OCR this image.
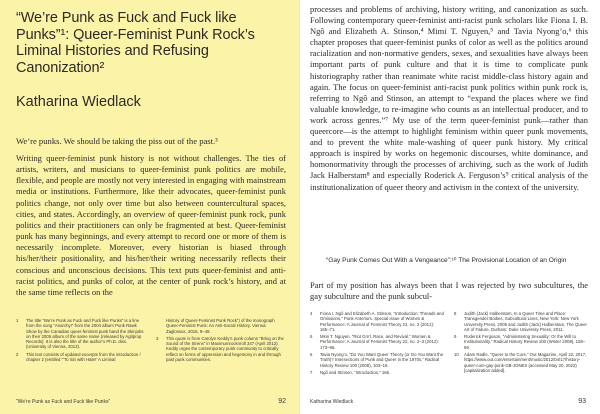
“We’re Punk as Fuck and Fuck like Punks”¹: Queer-Feminist Punk Rock’s Liminal Histories and Refusing Canonization²
Katharina Wiedlack
We’re punks. We should be taking the piss out of the past.³

Writing queer-feminist punk history is not without challenges. The ties of artists, writers, and musicians to queer-feminist punk politics are mobile, flexible, and people are mostly not very interested in engaging with mainstream media or institutions. Furthermore, like their advocates, queer-feminist punk politics change, not only over time but also between countercultural spaces, cities, and states. Accordingly, an overview of queer-feminist punk rock, punk politics and their practitioners can only be fragmented at best. Queer-feminist punk has many beginnings, and every attempt to record one or more of them is necessarily incomplete. Moreover, every historian is biased through his/her/their positionality, and his/her/their writing necessarily reflects their conscious and unconscious decisions. This text puts queer-feminist and anti-racist politics, and punks of color, at the center of punk rock’s history, and at the same time reflects on the

1	The title “We’re Punk as Fuck and Fuck like Punks” is a line from the song “Anarchy!” from the 2004 album Punk Rawk Show by the Canadian queer-feminist punk band the Skinjobs on their 2005 album of the same name (released by Agitprop Records). It is also the title of the author’s Ph.D. diss. (University of Vienna, 2013).
2	This text consists of updated excerpts from the introduction / chapter 2 (entitled “‘To Sin with Hate!’ A Liminal
History of Queer-Feminist Punk Rock”) of the monograph Queer-Feminist Punk: An Anti-Social History. Vienna: Zaglossus, 2015, 9–48.
3	This quote is from Carolyn Keddy’s punk column “Bring on the Sound of the Sirens” in Maximumrocknroll 347 (April 2012). Keddy urges the contemporary punk community to critically reflect on forms of oppression and hegemony in and through past punk communities.
“We’re Punk as Fuck and Fuck like Punks”	92

processes and problems of archiving, history writing, and canonization as such. Following contemporary queer-feminist anti-racist punk scholars like Fiona I. B. Ngô and Elizabeth A. Stinson,⁴ Mimi T. Nguyen,⁵ and Tavia Nyong’o,⁶ this chapter proposes that queer-feminist punks of color as well as the politics around racialization and non-normative genders, sexes, and sexualities have always been important parts of punk culture and that it is time to complicate punk historiography rather than reanimate white racist middle-class history again and again. The focus on queer-feminist anti-racist punk politics within punk rock is, referring to Ngô and Stinson, an attempt to “expand the places where we find valuable knowledge, to re-imagine who counts as an intellectual producer, and to work across genres.”⁷ My use of the term queer-feminist punk—rather than queercore—is the attempt to highlight feminism within queer punk movements, and to prevent the white male-washing of queer punk history. My critical approach is inspired by works on hegemonic discourses, white dominance, and homonormativity through the processes of archiving, such as the work of Judith Jack Halberstam⁸ and especially Roderick A. Ferguson’s⁹ critical analysis of the institutionalization of queer theory and activism in the context of the university.

“Gay Punk Comes Out With a Vengeance”:¹⁰ The Provisional Location of an Origin

Part of my position has always been that I was rejected by two subcultures, the gay subculture and the punk subcul-

4	Fiona I. Ngô and Elizabeth A. Stinson, “Introduction: Threads and Omissions,” Punk Anteriors. Special issue of Women & Performance: A Journal of Feminist Theory 22, no. 2 (2012): 165–71.
5	Mimi T. Nguyen, “Riot Grrrl, Race, and Revival,” Women & Performance: A Journal of Feminist Theory 22, no. 2–3 (2012): 173–96.
6	Tavia Nyong’o, “Do You Want Queer Theory (or Do You Want the Truth)? Intersections of Punk and Queer in the 1970s,” Radical History Review 100 (2008), 103–19.
7	Ngô and Stinson, “Introduction,” 166.
8	Judith (Jack) Halberstam, In a Queer Time and Place: Transgender Bodies, Subcultural Lives, New York: New York University Press, 2005 and Judith (Jack) Halberstam, The Queer Art of Failure, Durham: Duke University Press, 2011.
9	Roderick Ferguson, “Administering Sexuality: Or the Will to Institutionality,” Radical History Review 100 (Winter 2008), 158–69.
10 Adam Radle, “Queer to the Core,” Out Magazine, April 22, 2017, https://www.out.com/entertainment/music/2012/04/17/history-queer-core-gay-punk-GB-JONES (accessed May 20, 2022) [capitalization added].
Katharina Wiedlack	93
